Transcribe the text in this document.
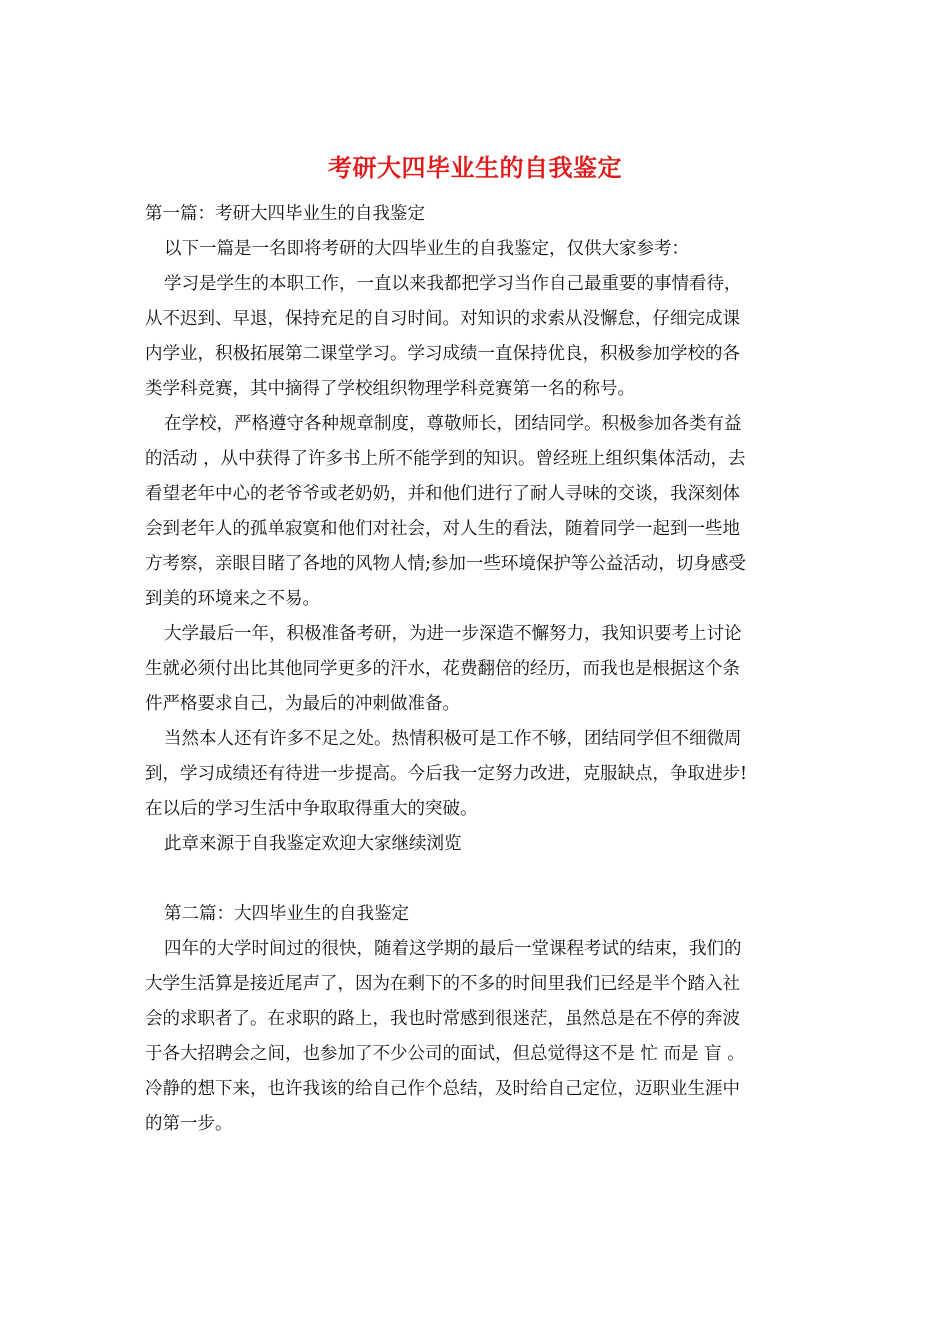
考研大四毕业生的自我鉴定
第一篇：考研大四毕业生的自我鉴定
以下一篇是一名即将考研的大四毕业生的自我鉴定，仅供大家参考：
学习是学生的本职工作，一直以来我都把学习当作自己最重要的事情看待，
从不迟到、早退，保持充足的自习时间。对知识的求索从没懈怠，仔细完成课
内学业，积极拓展第二课堂学习。学习成绩一直保持优良，积极参加学校的各
类学科竞赛，其中摘得了学校组织物理学科竞赛第一名的称号。
在学校，严格遵守各种规章制度，尊敬师长，团结同学。积极参加各类有益
的活动 ，从中获得了许多书上所不能学到的知识。曾经班上组织集体活动，去
看望老年中心的老爷爷或老奶奶，并和他们进行了耐人寻味的交谈，我深刻体
会到老年人的孤单寂寞和他们对社会，对人生的看法，随着同学一起到一些地
方考察，亲眼目睹了各地的风物人情;参加一些环境保护等公益活动，切身感受
到美的环境来之不易。
大学最后一年，积极准备考研，为进一步深造不懈努力，我知识要考上讨论
生就必须付出比其他同学更多的汗水，花费翻倍的经历，而我也是根据这个条
件严格要求自己，为最后的冲刺做准备。
当然本人还有许多不足之处。热情积极可是工作不够，团结同学但不细微周
到，学习成绩还有待进一步提高。今后我一定努力改进，克服缺点，争取进步!
在以后的学习生活中争取取得重大的突破。
此章来源于自我鉴定欢迎大家继续浏览
第二篇：大四毕业生的自我鉴定
四年的大学时间过的很快，随着这学期的最后一堂课程考试的结束，我们的
大学生活算是接近尾声了，因为在剩下的不多的时间里我们已经是半个踏入社
会的求职者了。在求职的路上，我也时常感到很迷茫，虽然总是在不停的奔波
于各大招聘会之间，也参加了不少公司的面试，但总觉得这不是 忙 而是 盲 。
冷静的想下来，也许我该的给自己作个总结，及时给自己定位，迈职业生涯中
的第一步。
